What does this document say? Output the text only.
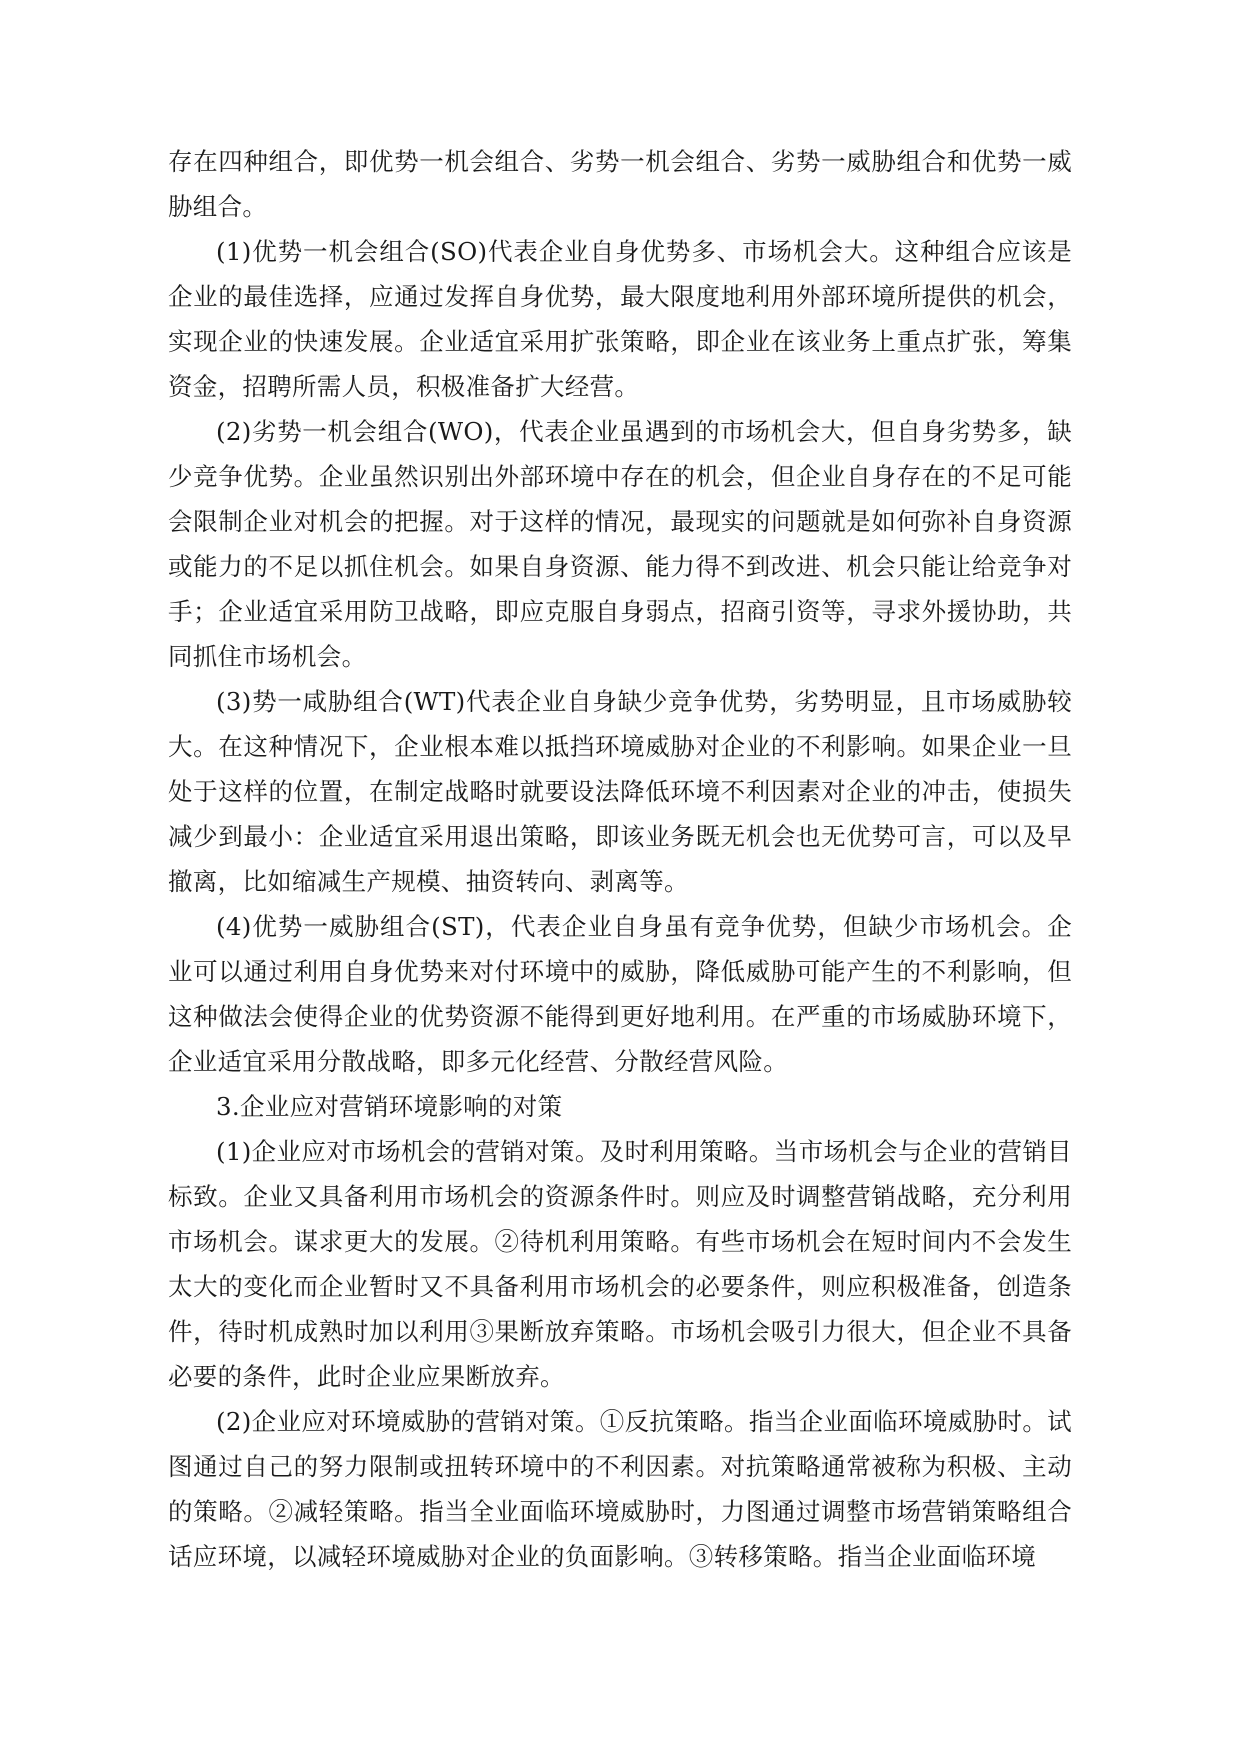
存在四种组合，即优势一机会组合、劣势一机会组合、劣势一威胁组合和优势一威胁组合。

(1)优势一机会组合(SO)代表企业自身优势多、市场机会大。这种组合应该是企业的最佳选择，应通过发挥自身优势，最大限度地利用外部环境所提供的机会，实现企业的快速发展。企业适宜采用扩张策略，即企业在该业务上重点扩张，筹集资金，招聘所需人员，积极准备扩大经营。

(2)劣势一机会组合(WO)，代表企业虽遇到的市场机会大，但自身劣势多，缺少竞争优势。企业虽然识别出外部环境中存在的机会，但企业自身存在的不足可能会限制企业对机会的把握。对于这样的情况，最现实的问题就是如何弥补自身资源或能力的不足以抓住机会。如果自身资源、能力得不到改进、机会只能让给竞争对手；企业适宜采用防卫战略，即应克服自身弱点，招商引资等，寻求外援协助，共同抓住市场机会。

(3)势一咸胁组合(WT)代表企业自身缺少竞争优势，劣势明显，且市场威胁较大。在这种情况下，企业根本难以抵挡环境威胁对企业的不利影响。如果企业一旦处于这样的位置，在制定战略时就要设法降低环境不利因素对企业的冲击，使损失减少到最小：企业适宜采用退出策略，即该业务既无机会也无优势可言，可以及早撤离，比如缩减生产规模、抽资转向、剥离等。

(4)优势一威胁组合(ST)，代表企业自身虽有竞争优势，但缺少市场机会。企业可以通过利用自身优势来对付环境中的威胁，降低威胁可能产生的不利影响，但这种做法会使得企业的优势资源不能得到更好地利用。在严重的市场威胁环境下，企业适宜采用分散战略，即多元化经营、分散经营风险。

3.企业应对营销环境影响的对策

(1)企业应对市场机会的营销对策。及时利用策略。当市场机会与企业的营销目标致。企业又具备利用市场机会的资源条件时。则应及时调整营销战略，充分利用市场机会。谋求更大的发展。②待机利用策略。有些市场机会在短时间内不会发生太大的变化而企业暂时又不具备利用市场机会的必要条件，则应积极准备，创造条件，待时机成熟时加以利用③果断放弃策略。市场机会吸引力很大，但企业不具备必要的条件，此时企业应果断放弃。

(2)企业应对环境威胁的营销对策。①反抗策略。指当企业面临环境威胁时。试图通过自己的努力限制或扭转环境中的不利因素。对抗策略通常被称为积极、主动的策略。②减轻策略。指当全业面临环境威胁时，力图通过调整市场营销策略组合话应环境，以减轻环境威胁对企业的负面影响。③转移策略。指当企业面临环境
